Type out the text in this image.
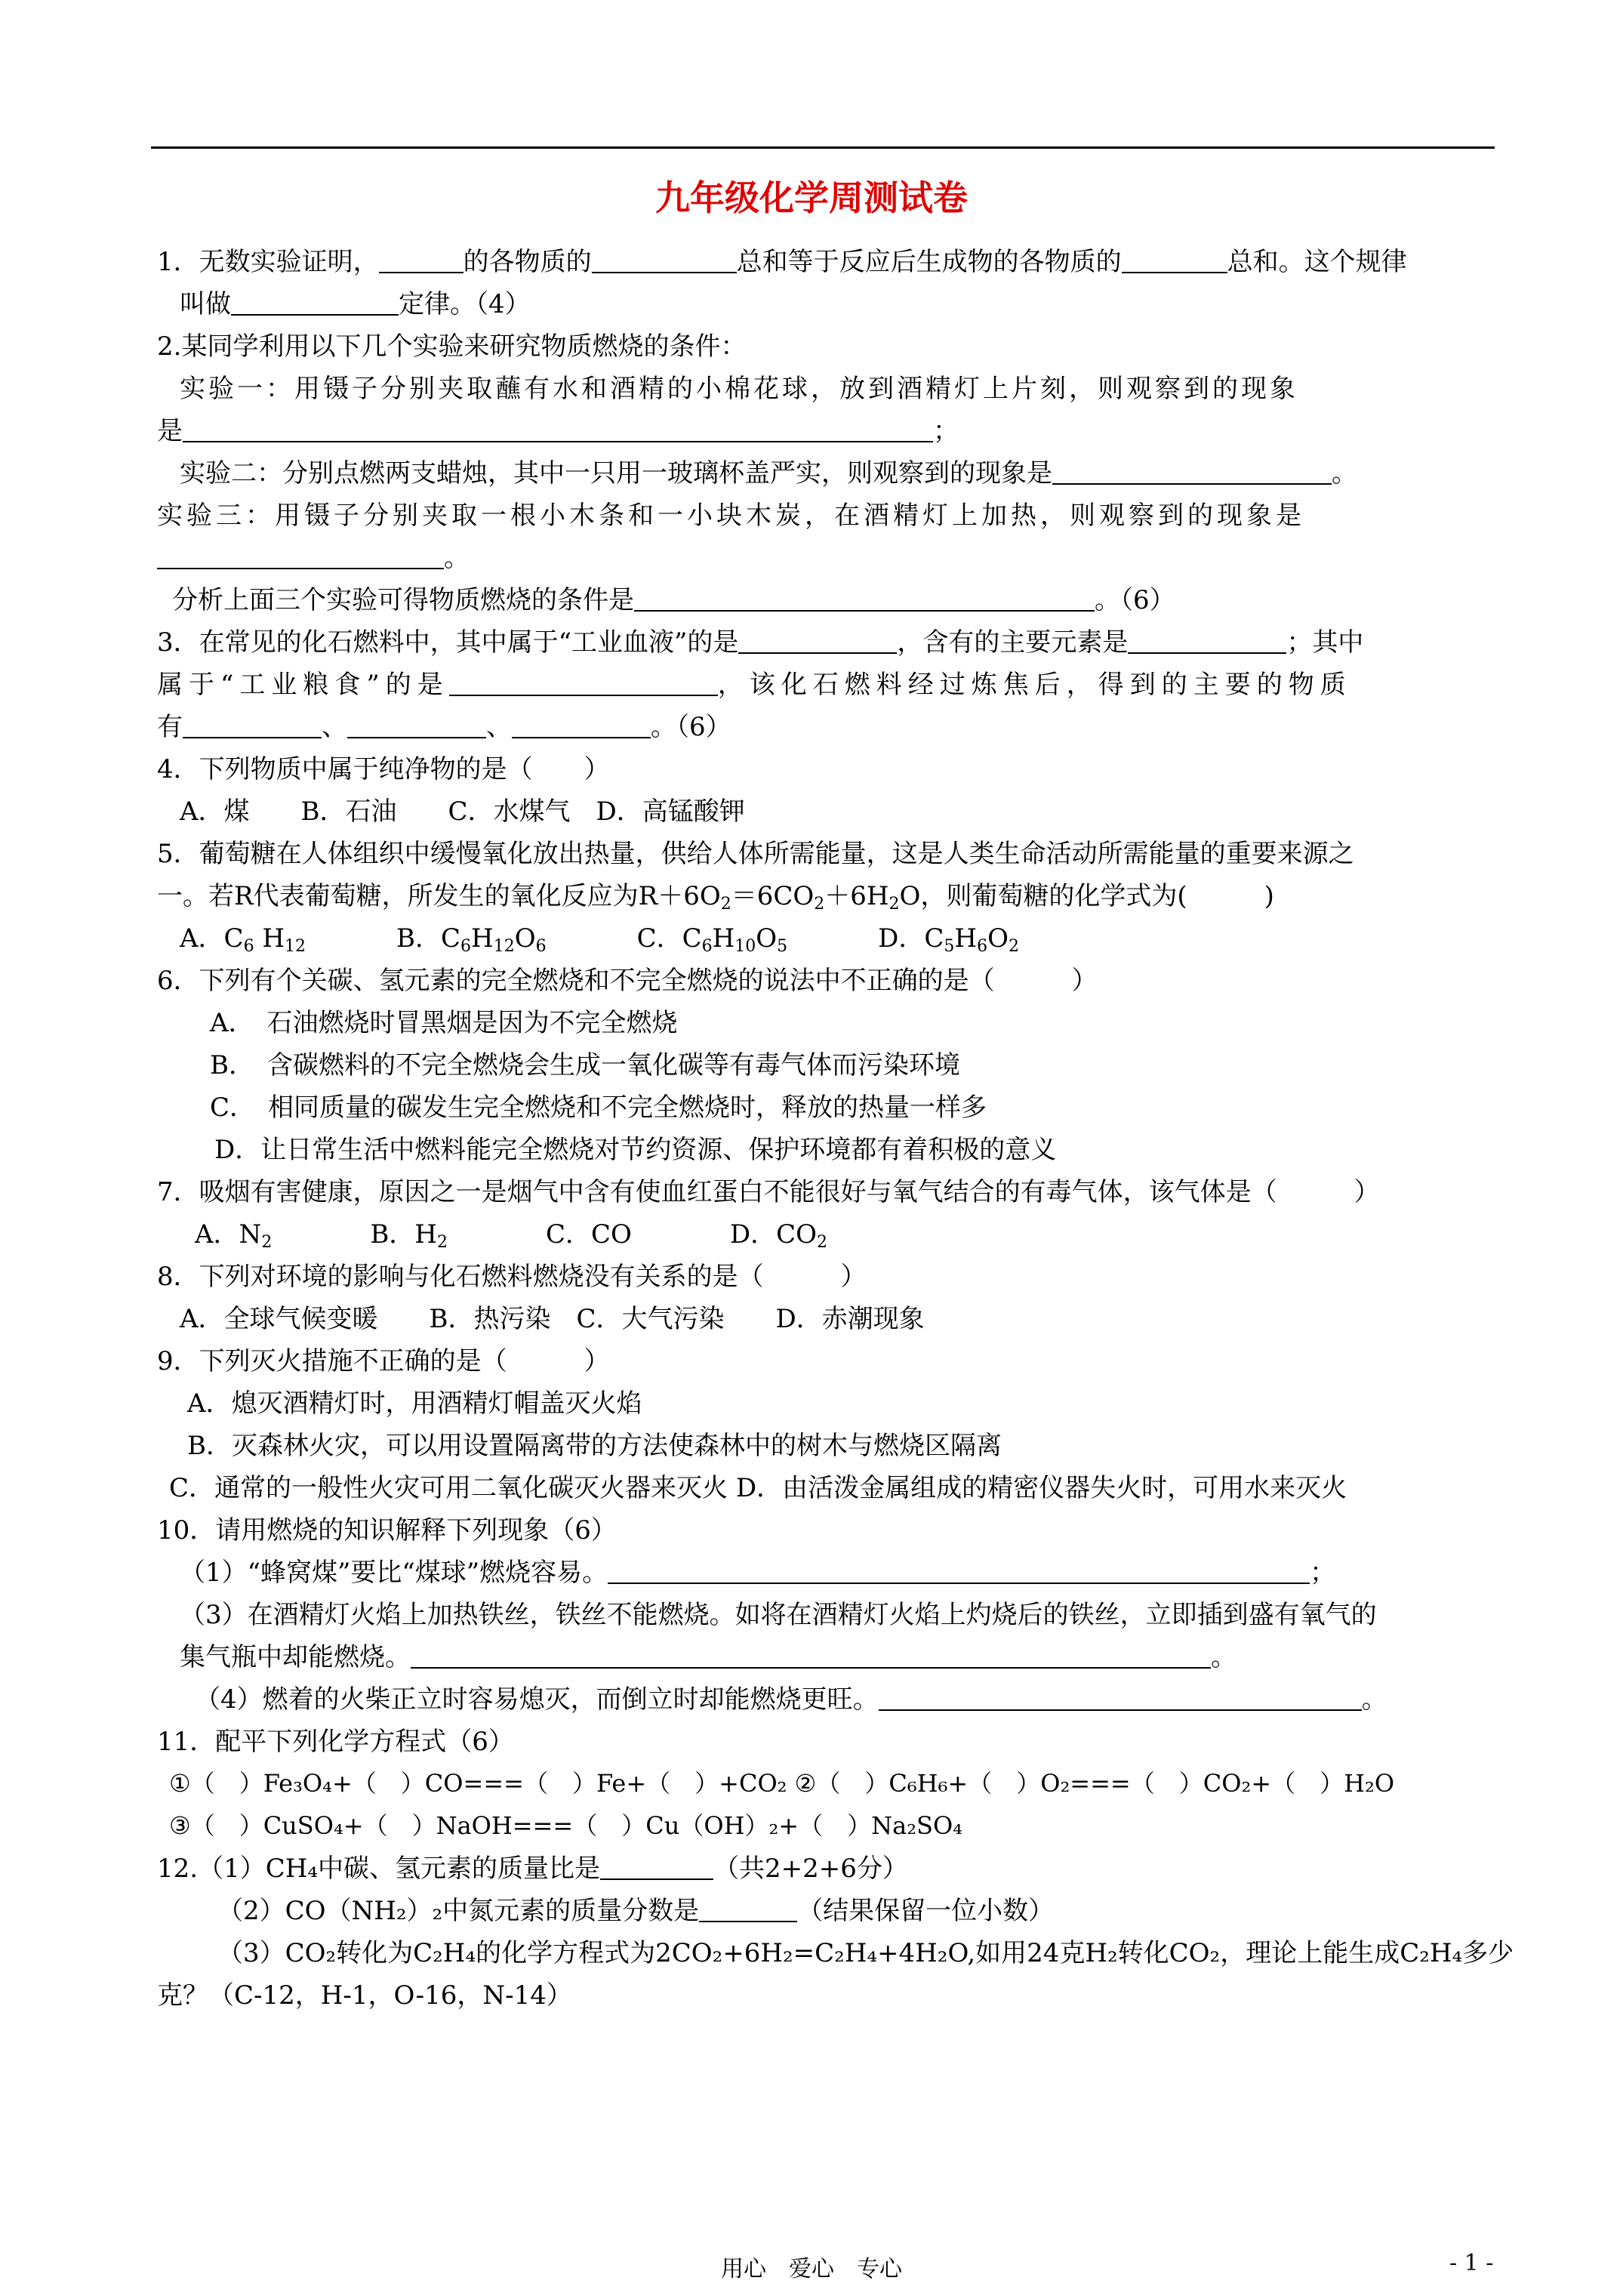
九年级化学周测试卷
1．无数实验证明，	的各物质的	总和等于反应后生成物的各物质的	总和。这个规律
叫做	定律。（4）
2.某同学利用以下几个实验来研究物质燃烧的条件：
实验一：用镊子分别夹取蘸有水和酒精的小棉花球，放到酒精灯上片刻，则观察到的现象
是	；
实验二：分别点燃两支蜡烛，其中一只用一玻璃杯盖严实，则观察到的现象是	。
实验三：用镊子分别夹取一根小木条和一小块木炭，在酒精灯上加热，则观察到的现象是
。
分析上面三个实验可得物质燃烧的条件是	。（6）
3．在常见的化石燃料中，其中属于“工业血液”的是	，含有的主要元素是	；其中
属于“工业粮食”的是	，该化石燃料经过炼焦后，得到的主要的物质
有	、	、	。（6）
4．下列物质中属于纯净物的是（　　）
A．煤　　B．石油　　C．水煤气　D．高锰酸钾
5．葡萄糖在人体组织中缓慢氧化放出热量，供给人体所需能量，这是人类生命活动所需能量的重要来源之
一。若R代表葡萄糖，所发生的氧化反应为$R+6O_2=6CO_2+6H_2O$，则葡萄糖的化学式为(　　　)
A．$C_6$ $H_{12}$	B．$C_6H_{12}O_6$	C．$C_6H_{10}O_5$	D．$C_5H_6O_2$
6．下列有个关碳、氢元素的完全燃烧和不完全燃烧的说法中不正确的是（　　　）
A．　石油燃烧时冒黑烟是因为不完全燃烧
B．　含碳燃料的不完全燃烧会生成一氧化碳等有毒气体而污染环境
C．　相同质量的碳发生完全燃烧和不完全燃烧时，释放的热量一样多
D．让日常生活中燃料能完全燃烧对节约资源、保护环境都有着积极的意义
7．吸烟有害健康，原因之一是烟气中含有使血红蛋白不能很好与氧气结合的有毒气体，该气体是（　　　）
A．$N_2$	B．$H_2$	C．CO	D．$CO_2$
8．下列对环境的影响与化石燃料燃烧没有关系的是（　　　）
A．全球气候变暖　　B．热污染　C．大气污染　　D．赤潮现象
9．下列灭火措施不正确的是（　　　）
A．熄灭酒精灯时，用酒精灯帽盖灭火焰
B．灭森林火灾，可以用设置隔离带的方法使森林中的树木与燃烧区隔离
C．通常的一般性火灾可用二氧化碳灭火器来灭火 D．由活泼金属组成的精密仪器失火时，可用水来灭火
10．请用燃烧的知识解释下列现象（6）
（1）“蜂窝煤”要比“煤球”燃烧容易。	；
（3）在酒精灯火焰上加热铁丝，铁丝不能燃烧。如将在酒精灯火焰上灼烧后的铁丝，立即插到盛有氧气的
集气瓶中却能燃烧。	。
（4）燃着的火柴正立时容易熄灭，而倒立时却能燃烧更旺。	。
11．配平下列化学方程式（6）
①（　）Fe₃O₄+（　）CO===（　）Fe+（　）+CO₂ ②（　）C₆H₆+（　）O₂===（　）CO₂+（　）H₂O
③（　）CuSO₄+（　）NaOH===（　）Cu（OH）₂+（　）Na₂SO₄
12.（1）CH₄中碳、氢元素的质量比是	（共2+2+6分）
（2）CO（NH₂）₂中氮元素的质量分数是	（结果保留一位小数）
（3）CO₂转化为C₂H₄的化学方程式为2CO₂+6H₂=C₂H₄+4H₂O,如用24克H₂转化CO₂，理论上能生成C₂H₄多少
克？（C-12，H-1，O-16，N-14）
用心　爱心　专心	- 1 -
